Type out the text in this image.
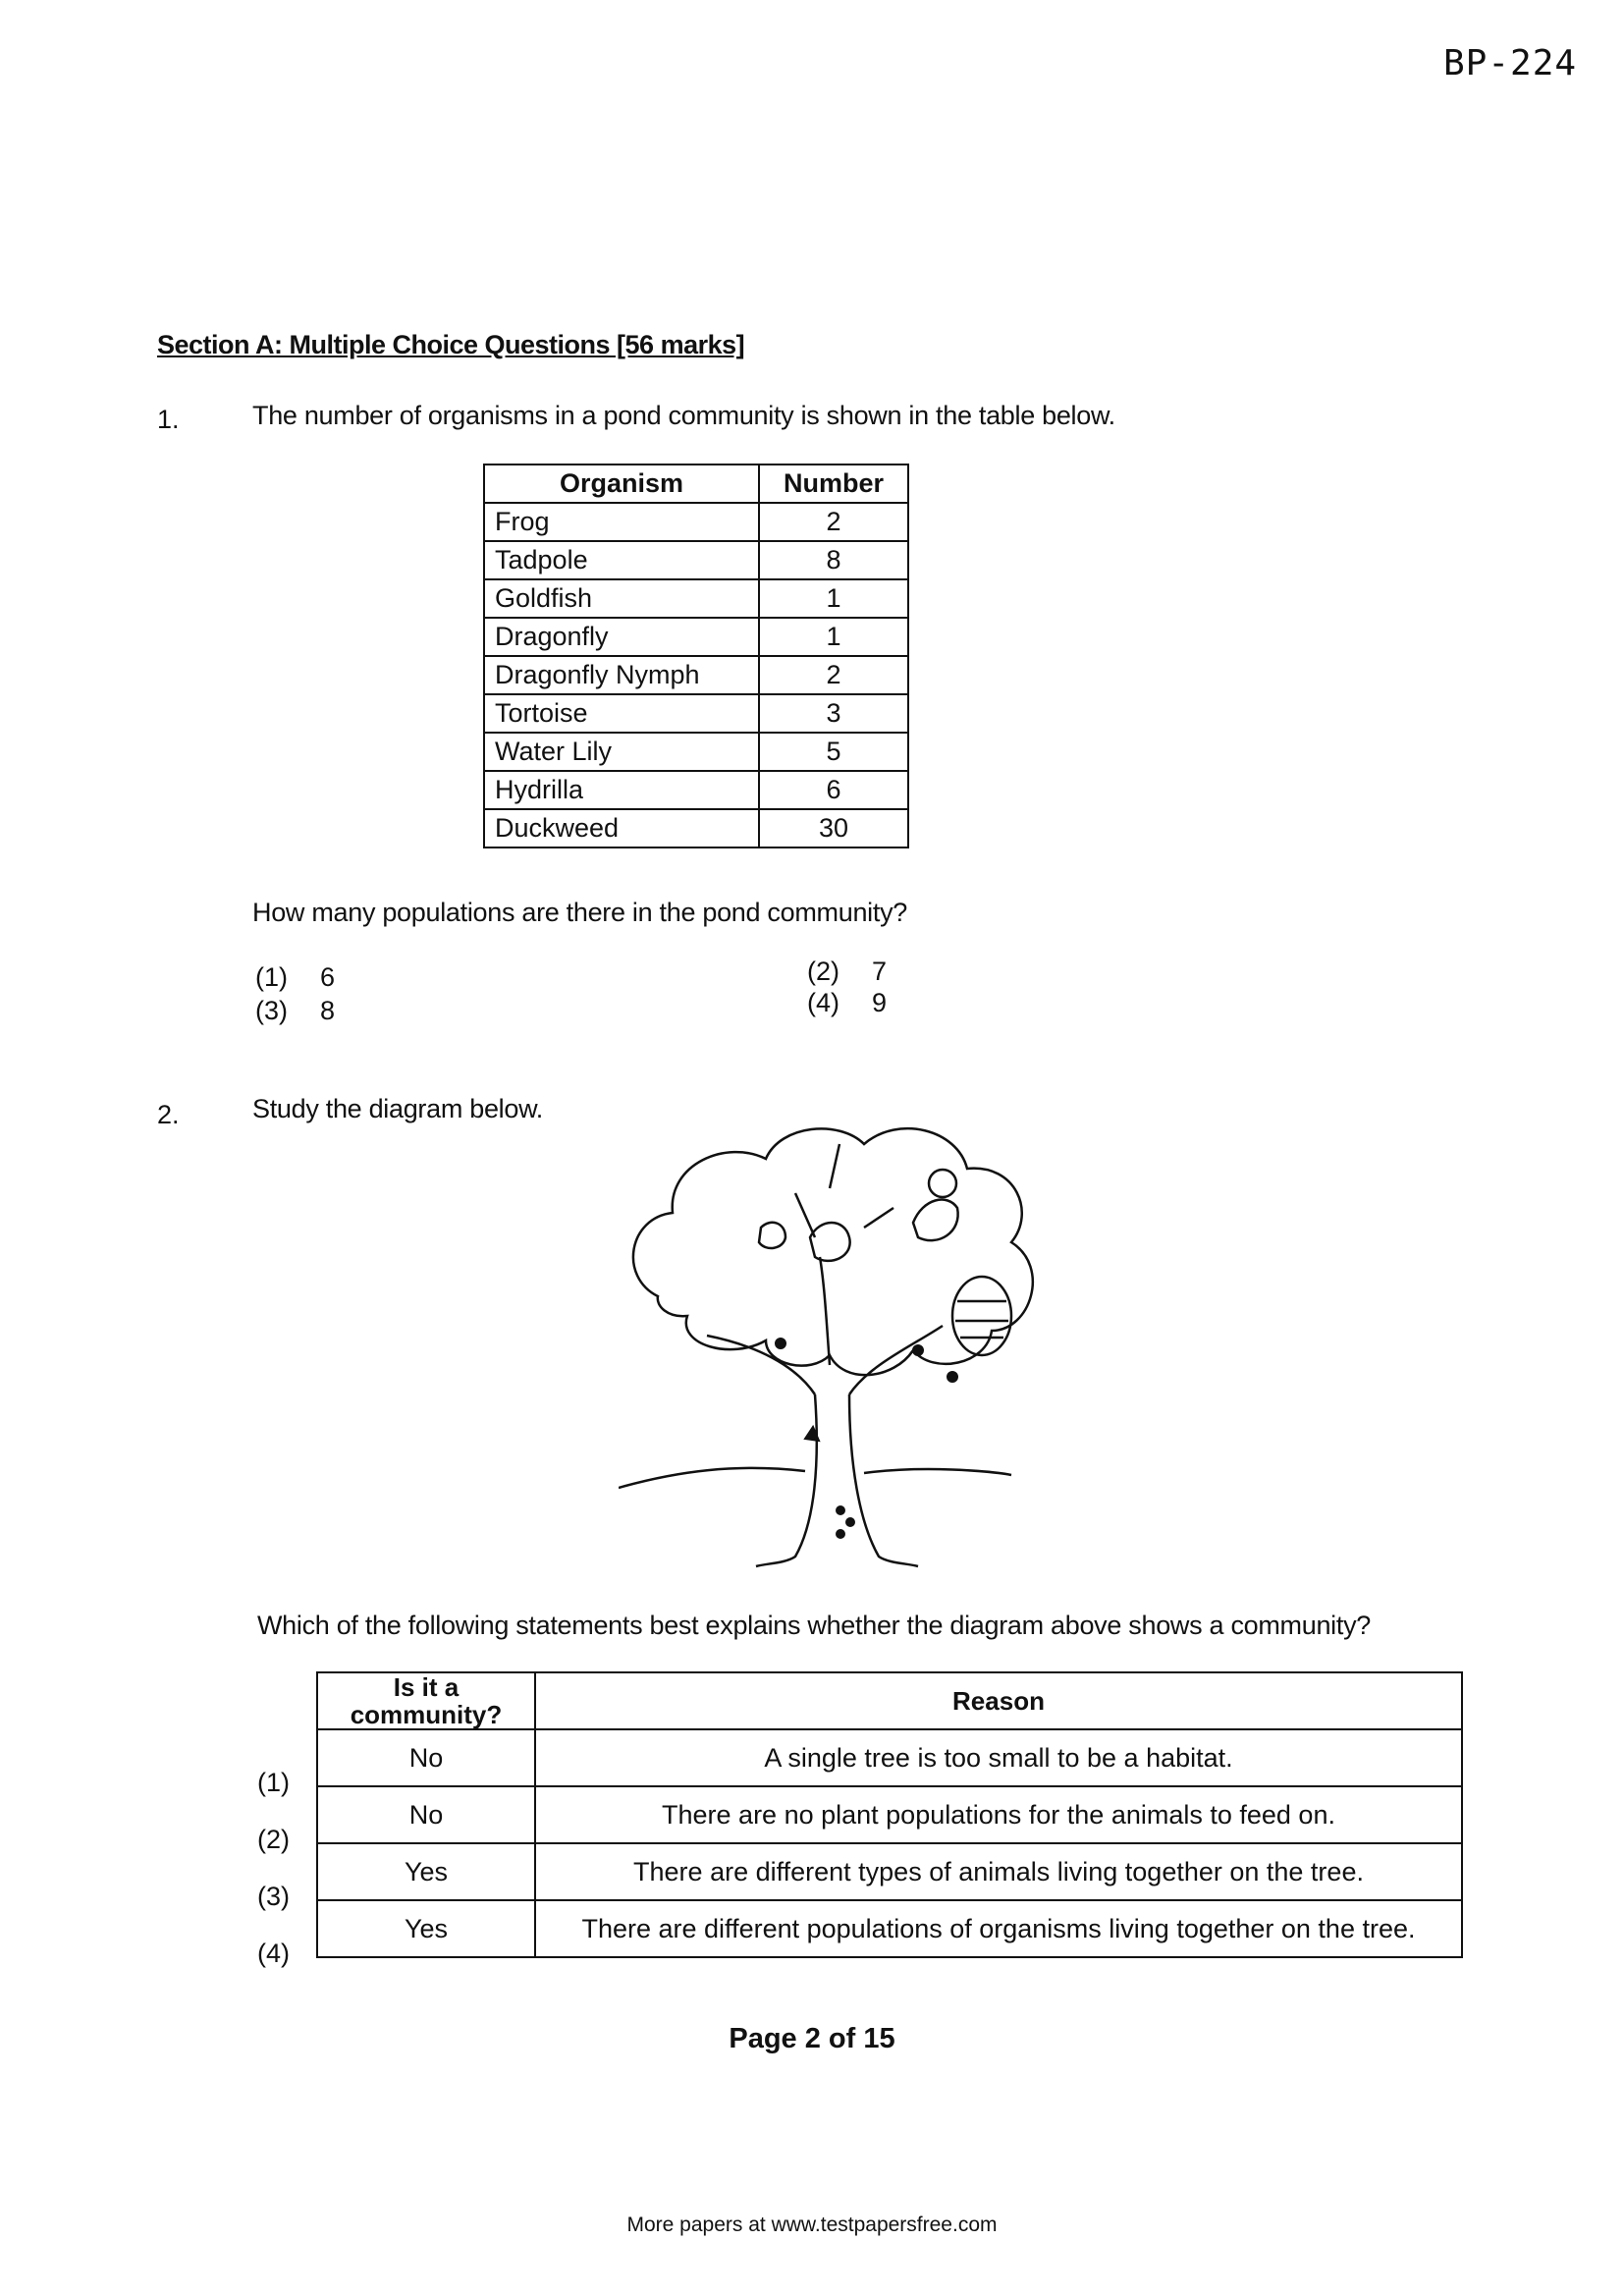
BP-224
Section A: Multiple Choice Questions [56 marks]
1.	The number of organisms in a pond community is shown in the table below.
Organism	Number
Frog	2
Tadpole	8
Goldfish	1
Dragonfly	1
Dragonfly Nymph	2
Tortoise	3
Water Lily	5
Hydrilla	6
Duckweed	30
How many populations are there in the pond community?
(1) 6	(2) 7
(3) 8	(4) 9
2.	Study the diagram below.
Which of the following statements best explains whether the diagram above shows a community?
Is it a community?	Reason
No	A single tree is too small to be a habitat.
No	There are no plant populations for the animals to feed on.
Yes	There are different types of animals living together on the tree.
Yes	There are different populations of organisms living together on the tree.
(1)
(2)
(3)
(4)
Page 2 of 15
More papers at www.testpapersfree.com
